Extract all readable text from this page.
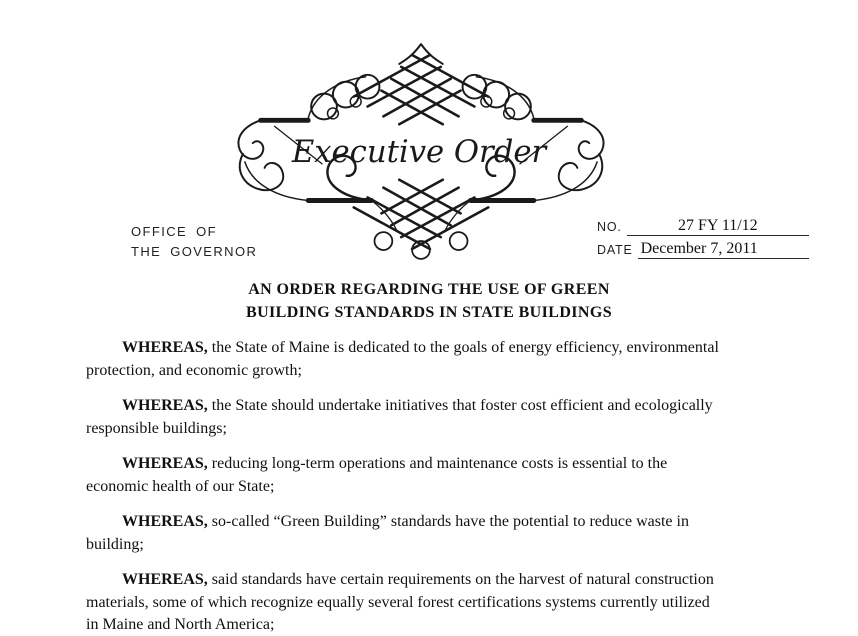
Executive Order
OFFICE OF
THE GOVERNOR
NO.	27 FY 11/12
DATE December 7, 2011
AN ORDER REGARDING THE USE OF GREEN
BUILDING STANDARDS IN STATE BUILDINGS

WHEREAS, the State of Maine is dedicated to the goals of energy efficiency, environmental
protection, and economic growth;

WHEREAS, the State should undertake initiatives that foster cost efficient and ecologically
responsible buildings;

WHEREAS, reducing long-term operations and maintenance costs is essential to the
economic health of our State;

WHEREAS, so-called “Green Building” standards have the potential to reduce waste in
building;

WHEREAS, said standards have certain requirements on the harvest of natural construction
materials, some of which recognize equally several forest certifications systems currently utilized
in Maine and North America;
